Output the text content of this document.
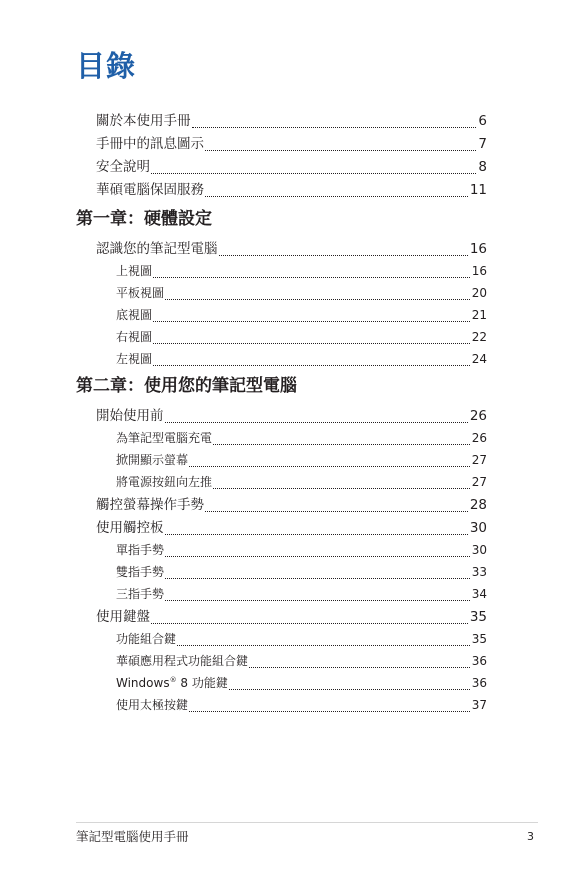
目錄
關於本使用手冊	6
手冊中的訊息圖示	7
安全說明	8
華碩電腦保固服務	11
第一章：硬體設定
認識您的筆記型電腦	16
上視圖	16
平板視圖	20
底視圖	21
右視圖	22
左視圖	24
第二章：使用您的筆記型電腦
開始使用前	26
為筆記型電腦充電	26
掀開顯示螢幕	27
將電源按鈕向左推	27
觸控螢幕操作手勢	28
使用觸控板	30
單指手勢	30
雙指手勢	33
三指手勢	34
使用鍵盤	35
功能組合鍵	35
華碩應用程式功能組合鍵	36
Windows® 8 功能鍵	36
使用太極按鍵	37
筆記型電腦使用手冊	3
